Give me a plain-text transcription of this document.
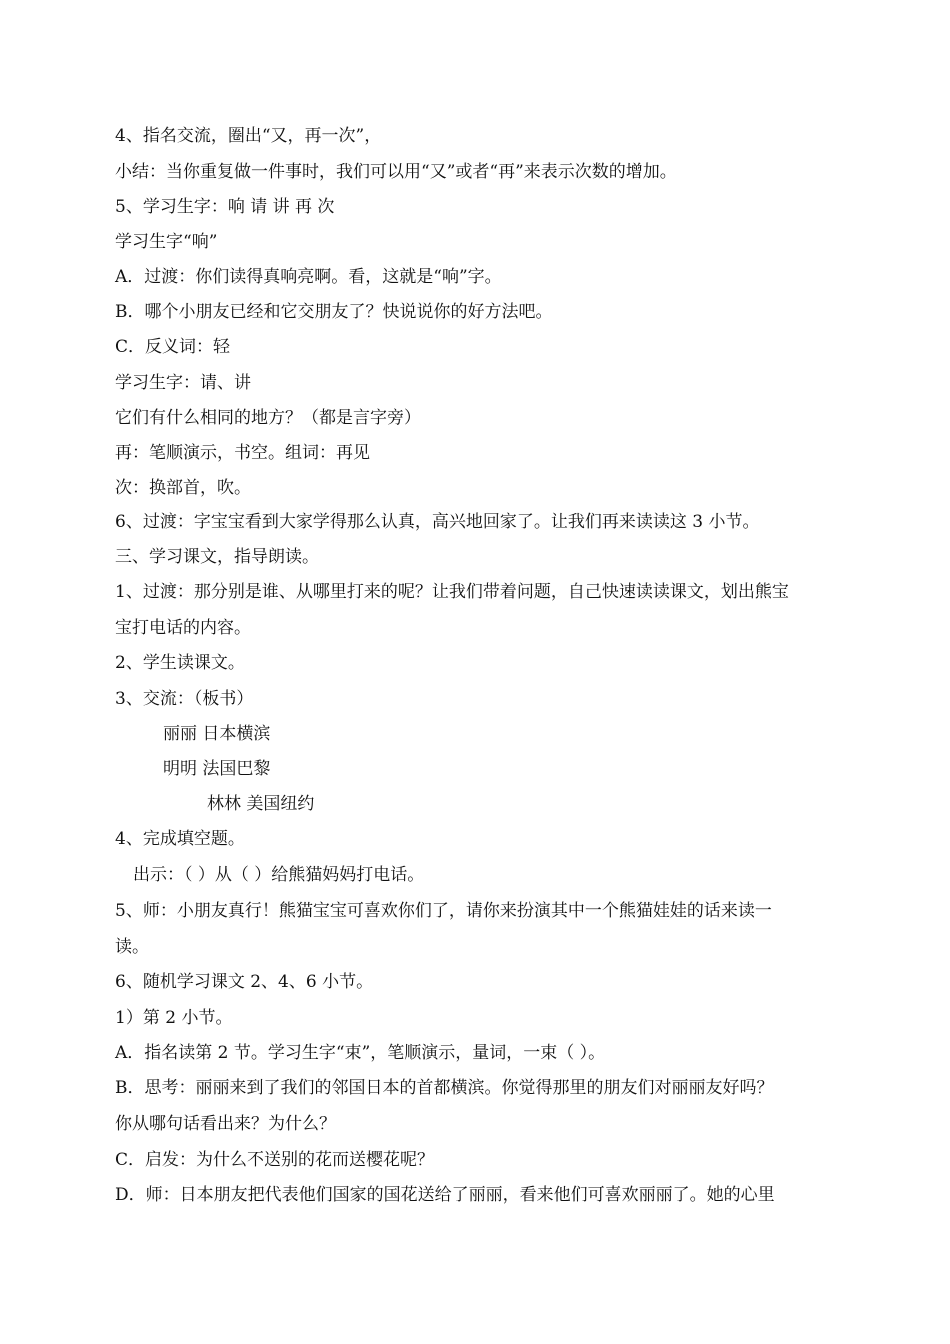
4、指名交流，圈出“又，再一次”，
小结：当你重复做一件事时，我们可以用“又”或者“再”来表示次数的增加。
5、学习生字：响 请 讲 再 次
学习生字“响”
A．过渡：你们读得真响亮啊。看，这就是“响”字。
B．哪个小朋友已经和它交朋友了？快说说你的好方法吧。
C．反义词：轻
学习生字：请、讲
它们有什么相同的地方？（都是言字旁）
再：笔顺演示，书空。组词：再见
次：换部首，吹。
6、过渡：字宝宝看到大家学得那么认真，高兴地回家了。让我们再来读读这 3 小节。
三、学习课文，指导朗读。
1、过渡：那分别是谁、从哪里打来的呢？让我们带着问题，自己快速读读课文，划出熊宝
宝打电话的内容。
2、学生读课文。
3、交流：（板书）
丽丽 日本横滨
明明 法国巴黎
林林 美国纽约
4、完成填空题。
出示：（ ）从（ ）给熊猫妈妈打电话。
5、师：小朋友真行！熊猫宝宝可喜欢你们了，请你来扮演其中一个熊猫娃娃的话来读一
读。
6、随机学习课文 2、4、6 小节。
1）第 2 小节。
A．指名读第 2 节。学习生字“束”，笔顺演示，量词，一束（ ）。
B．思考：丽丽来到了我们的邻国日本的首都横滨。你觉得那里的朋友们对丽丽友好吗？
你从哪句话看出来？为什么？
C．启发：为什么不送别的花而送樱花呢？
D．师：日本朋友把代表他们国家的国花送给了丽丽，看来他们可喜欢丽丽了。她的心里
